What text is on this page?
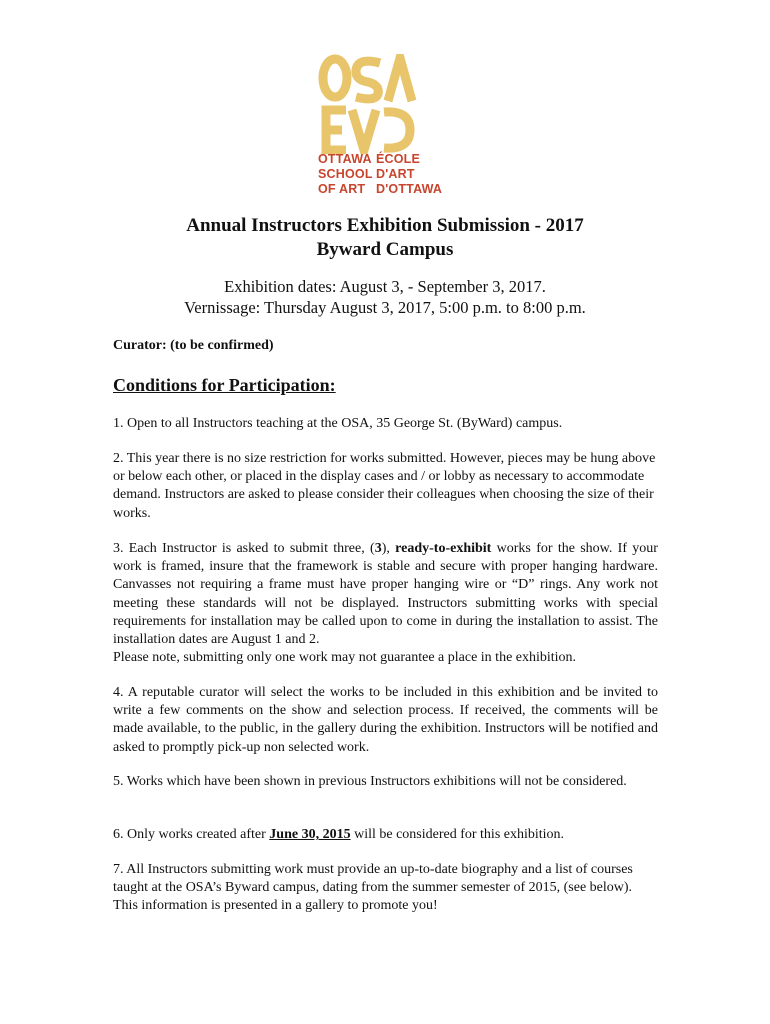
OTTAWA ÉCOLE
SCHOOL D'ART
OF ART D'OTTAWA
Annual Instructors Exhibition Submission - 2017
Byward Campus
Exhibition dates: August 3, - September 3, 2017.
Vernissage: Thursday August 3, 2017, 5:00 p.m. to 8:00 p.m.
Curator: (to be confirmed)
Conditions for Participation:
1. Open to all Instructors teaching at the OSA, 35 George St. (ByWard) campus.
2. This year there is no size restriction for works submitted. However, pieces may be hung above or below each other, or placed in the display cases and / or lobby as necessary to accommodate demand. Instructors are asked to please consider their colleagues when choosing the size of their works.
3. Each Instructor is asked to submit three, (3), ready-to-exhibit works for the show. If your work is framed, insure that the framework is stable and secure with proper hanging hardware. Canvasses not requiring a frame must have proper hanging wire or “D” rings. Any work not meeting these standards will not be displayed. Instructors submitting works with special requirements for installation may be called upon to come in during the installation to assist. The installation dates are August 1 and 2.
Please note, submitting only one work may not guarantee a place in the exhibition.
4. A reputable curator will select the works to be included in this exhibition and be invited to write a few comments on the show and selection process. If received, the comments will be made available, to the public, in the gallery during the exhibition. Instructors will be notified and asked to promptly pick-up non selected work.
5. Works which have been shown in previous Instructors exhibitions will not be considered.
6. Only works created after June 30, 2015 will be considered for this exhibition.
7. All Instructors submitting work must provide an up-to-date biography and a list of courses taught at the OSA’s Byward campus, dating from the summer semester of 2015, (see below). This information is presented in a gallery to promote you!
